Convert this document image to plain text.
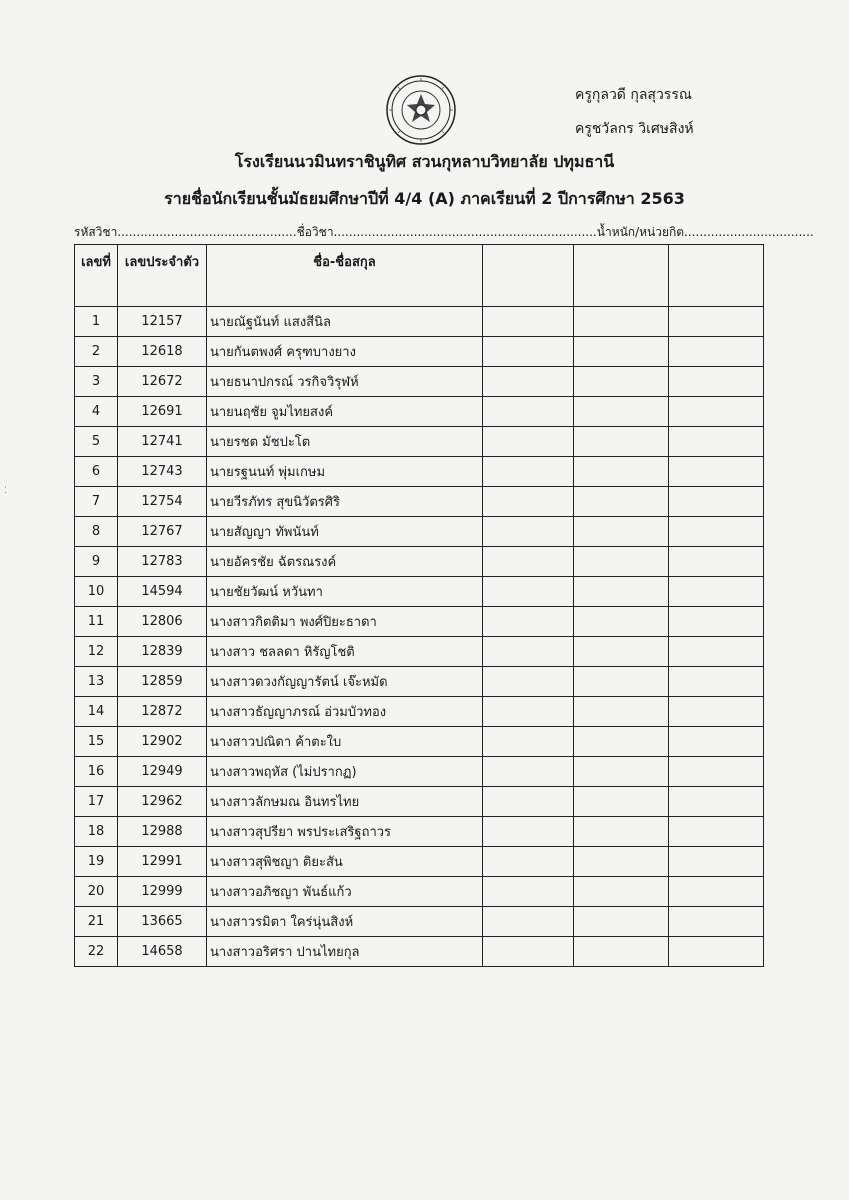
ครูกุลวดี กุลสุวรรณ
ครูชวัลกร วิเศษสิงห์
โรงเรียนนวมินทราชินูทิศ สวนกุหลาบวิทยาลัย ปทุมธานี
รายชื่อนักเรียนชั้นมัธยมศึกษาปีที่ 4/4 (A) ภาคเรียนที่ 2 ปีการศึกษา 2563
รหัสวิชา...............................................ชื่อวิชา.....................................................................น้ำหนัก/หน่วยกิต..................................
⁚
เลขที่	เลขประจำตัว	ชื่อ-ชื่อสกุล			
1	12157	นายณัฐนันท์ แสงสีนิล			
2	12618	นายกันตพงศ์ ครุฑบางยาง			
3	12672	นายธนาปกรณ์ วรกิจวิรุฬห์			
4	12691	นายนฤชัย จูมไทยสงค์			
5	12741	นายรชต มัชปะโต			
6	12743	นายรฐนนท์ พุ่มเกษม			
7	12754	นายวีรภัทร สุขนิวัตรศิริ			
8	12767	นายสัญญา ทัพนันท์			
9	12783	นายอัครชัย ฉัตรณรงค์			
10	14594	นายชัยวัฒน์ หวันทา			
11	12806	นางสาวกิตติมา พงศ์ปิยะธาดา			
12	12839	นางสาว ชลลดา หิรัญโชติ			
13	12859	นางสาวดวงกัญญารัตน์ เจ๊ะหมัด			
14	12872	นางสาวธัญญาภรณ์ อ่วมบัวทอง			
15	12902	นางสาวปณิดา ค้าตะใบ			
16	12949	นางสาวพฤหัส (ไม่ปรากฏ)			
17	12962	นางสาวลักษมณ อินทรไทย			
18	12988	นางสาวสุปรียา พรประเสริฐถาวร			
19	12991	นางสาวสุพิชญา ติยะสัน			
20	12999	นางสาวอภิชญา พันธ์แก้ว			
21	13665	นางสาวรมิตา ใคร่นุ่นสิงห์			
22	14658	นางสาวอริศรา ปานไทยกุล			
